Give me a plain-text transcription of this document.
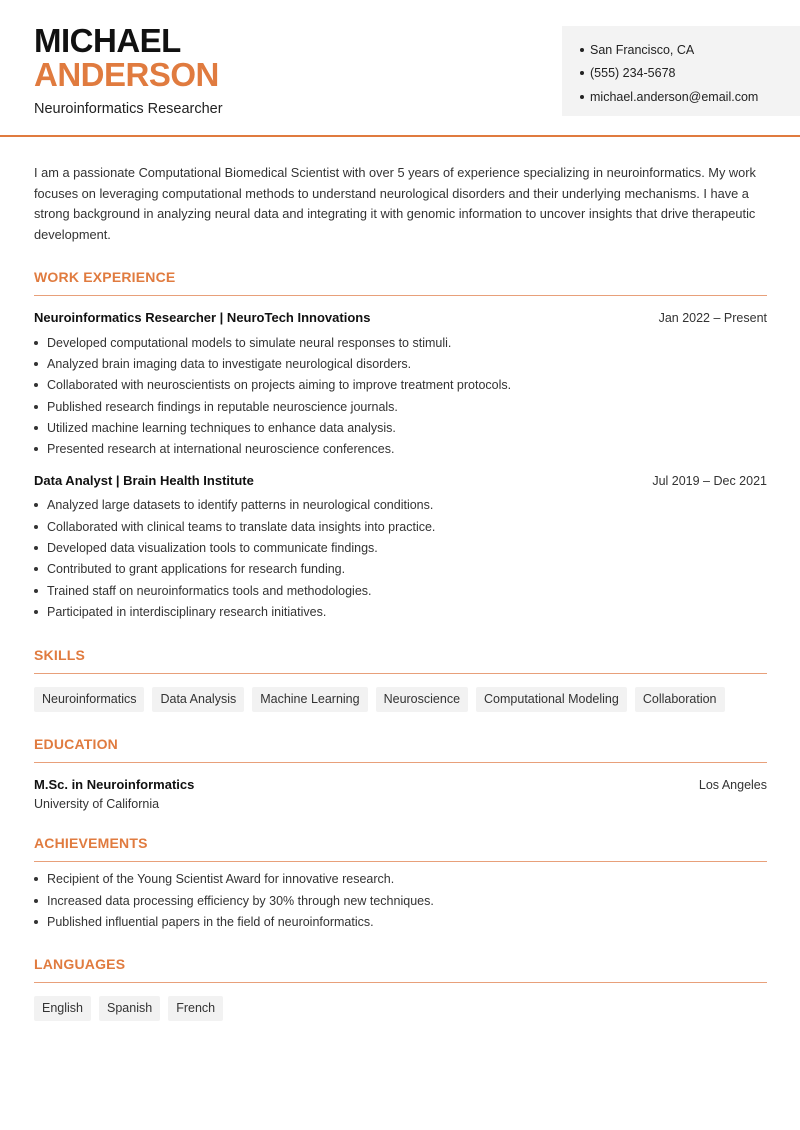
MICHAEL
ANDERSON
Neuroinformatics Researcher
San Francisco, CA
(555) 234-5678
michael.anderson@email.com

I am a passionate Computational Biomedical Scientist with over 5 years of experience specializing in neuroinformatics. My work focuses on leveraging computational methods to understand neurological disorders and their underlying mechanisms. I have a strong background in analyzing neural data and integrating it with genomic information to uncover insights that drive therapeutic development.

WORK EXPERIENCE
Neuroinformatics Researcher | NeuroTech Innovations	Jan 2022 – Present
Developed computational models to simulate neural responses to stimuli.
Analyzed brain imaging data to investigate neurological disorders.
Collaborated with neuroscientists on projects aiming to improve treatment protocols.
Published research findings in reputable neuroscience journals.
Utilized machine learning techniques to enhance data analysis.
Presented research at international neuroscience conferences.
Data Analyst | Brain Health Institute	Jul 2019 – Dec 2021
Analyzed large datasets to identify patterns in neurological conditions.
Collaborated with clinical teams to translate data insights into practice.
Developed data visualization tools to communicate findings.
Contributed to grant applications for research funding.
Trained staff on neuroinformatics tools and methodologies.
Participated in interdisciplinary research initiatives.
SKILLS
Neuroinformatics	Data Analysis	Machine Learning	Neuroscience	Computational Modeling	Collaboration
EDUCATION
M.Sc. in Neuroinformatics	Los Angeles
University of California
ACHIEVEMENTS
Recipient of the Young Scientist Award for innovative research.
Increased data processing efficiency by 30% through new techniques.
Published influential papers in the field of neuroinformatics.
LANGUAGES
English	Spanish	French
